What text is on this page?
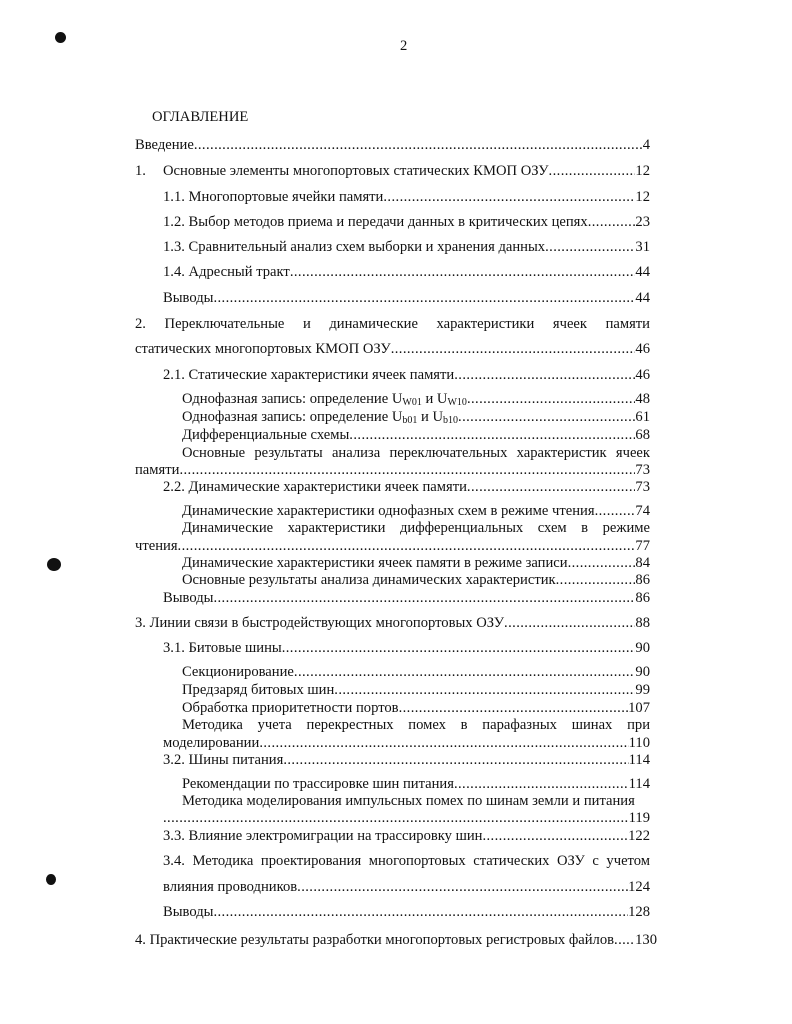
2
ОГЛАВЛЕНИЕ
Введение .....	4
1.	Основные элементы многопортовых статических КМОП ОЗУ .....	12
1.1. Многопортовые ячейки памяти .....	12
1.2. Выбор методов приема и передачи данных в критических цепях .....	23
1.3. Сравнительный анализ схем выборки и хранения данных .....	31
1.4. Адресный тракт .....	44
Выводы .....	44
2. Переключательные и динамические характеристики ячеек памяти
статических многопортовых КМОП ОЗУ .....	46
2.1. Статические характеристики ячеек памяти .....	46
Однофазная запись: определение $U_{W01}$ и $U_{W10}$ .....	48
Однофазная запись: определение $U_{b01}$ и $U_{b10}$ .....	61
Дифференциальные схемы .....	68
Основные результаты анализа переключательных характеристик ячеек
памяти .....	73
2.2. Динамические характеристики ячеек памяти .....	73
Динамические характеристики однофазных схем в режиме чтения .....	74
Динамические характеристики дифференциальных схем в режиме
чтения .....	77
Динамические характеристики ячеек памяти в режиме записи .....	84
Основные результаты анализа динамических характеристик .....	86
Выводы .....	86
3. Линии связи в быстродействующих многопортовых ОЗУ .....	88
3.1. Битовые шины .....	90
Секционирование .....	90
Предзаряд битовых шин .....	99
Обработка приоритетности портов .....	107
Методика учета перекрестных помех в парафазных шинах при
моделировании .....	110
3.2. Шины питания .....	114
Рекомендации по трассировке шин питания .....	114
Методика моделирования импульсных помех по шинам земли и питания
.....
119
3.3. Влияние электромиграции на трассировку шин .....	122
3.4. Методика проектирования многопортовых статических ОЗУ с учетом
влияния проводников .....	124
Выводы .....	128
4. Практические результаты разработки многопортовых регистровых файлов ..... 130
